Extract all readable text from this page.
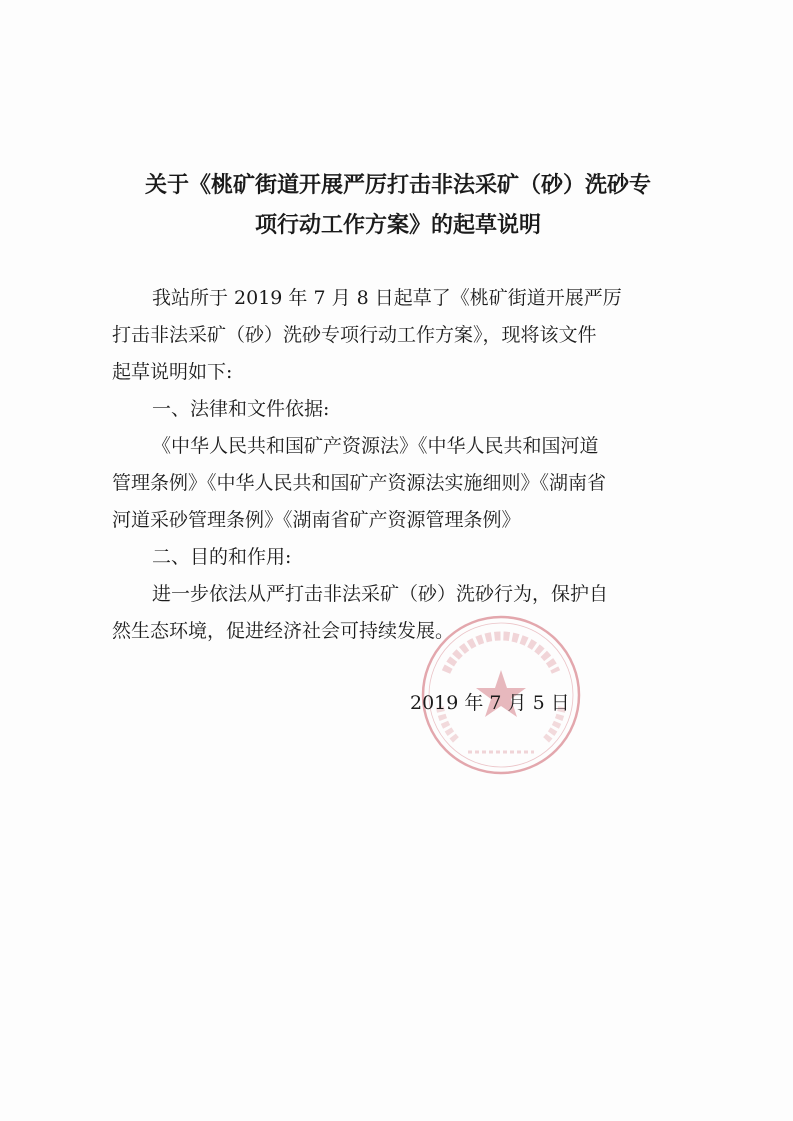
关于《桃矿街道开展严厉打击非法采矿（砂）洗砂专
项行动工作方案》的起草说明
我站所于 2019 年 7 月 8 日起草了《桃矿街道开展严厉
打击非法采矿（砂）洗砂专项行动工作方案》，现将该文件
起草说明如下:
一、法律和文件依据:
《中华人民共和国矿产资源法》《中华人民共和国河道
管理条例》《中华人民共和国矿产资源法实施细则》《湖南省
河道采砂管理条例》《湖南省矿产资源管理条例》
二、目的和作用:
进一步依法从严打击非法采矿（砂）洗砂行为，保护自
然生态环境，促进经济社会可持续发展。
2019 年 7 月 5 日
